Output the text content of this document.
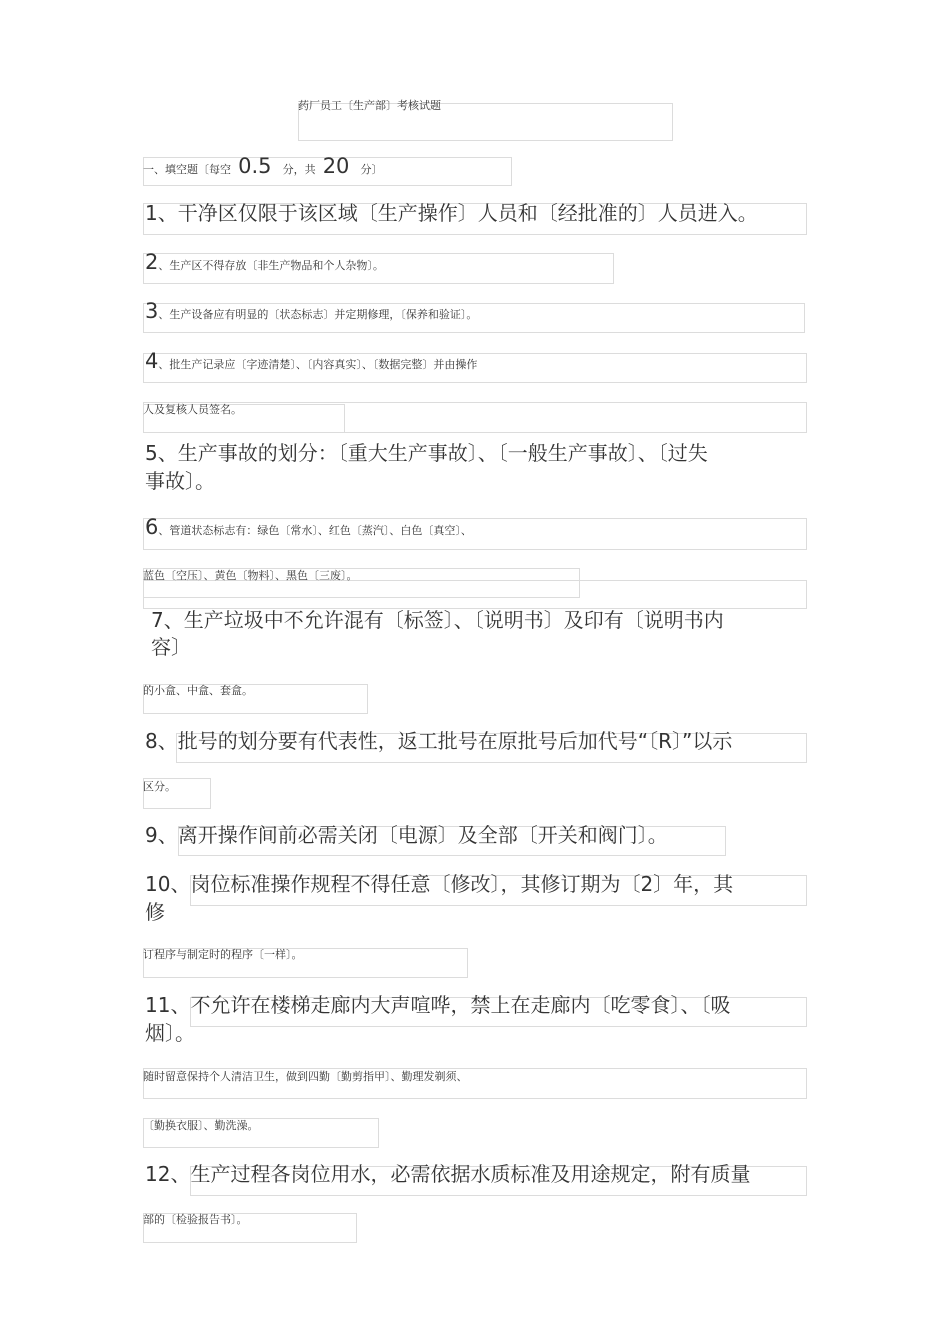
药厂员工〔生产部〕考核试题
一、填空题〔每空 0.5 分，共 20 分〕
1、干净区仅限于该区域〔生产操作〕人员和〔经批准的〕人员进入。
2、生产区不得存放〔非生产物品和个人杂物〕。
3、生产设备应有明显的〔状态标志〕并定期修理，〔保养和验证〕。
4、批生产记录应〔字迹清楚〕、〔内容真实〕、〔数据完整〕并由操作
人及复核人员签名。
5、生产事故的划分：〔重大生产事故〕、〔一般生产事故〕、〔过失
事故〕。
6、管道状态标志有：绿色〔常水〕、红色〔蒸汽〕、白色〔真空〕、
蓝色〔空压〕、黄色〔物料〕、黑色〔三废〕。
7、生产垃圾中不允许混有〔标签〕、〔说明书〕及印有〔说明书内
容〕
的小盒、中盒、套盒。
8、批号的划分要有代表性，返工批号在原批号后加代号“〔R〕”以示
区分。
9、离开操作间前必需关闭〔电源〕及全部〔开关和阀门〕。
10、岗位标准操作规程不得任意〔修改〕，其修订期为〔2〕年，其
修
订程序与制定时的程序〔一样〕。
11、不允许在楼梯走廊内大声喧哗，禁上在走廊内〔吃零食〕、〔吸
烟〕。
随时留意保持个人清洁卫生，做到四勤〔勤剪指甲〕、勤理发剃须、
〔勤换衣服〕、勤洗澡。
12、生产过程各岗位用水，必需依据水质标准及用途规定，附有质量
部的〔检验报告书〕。
